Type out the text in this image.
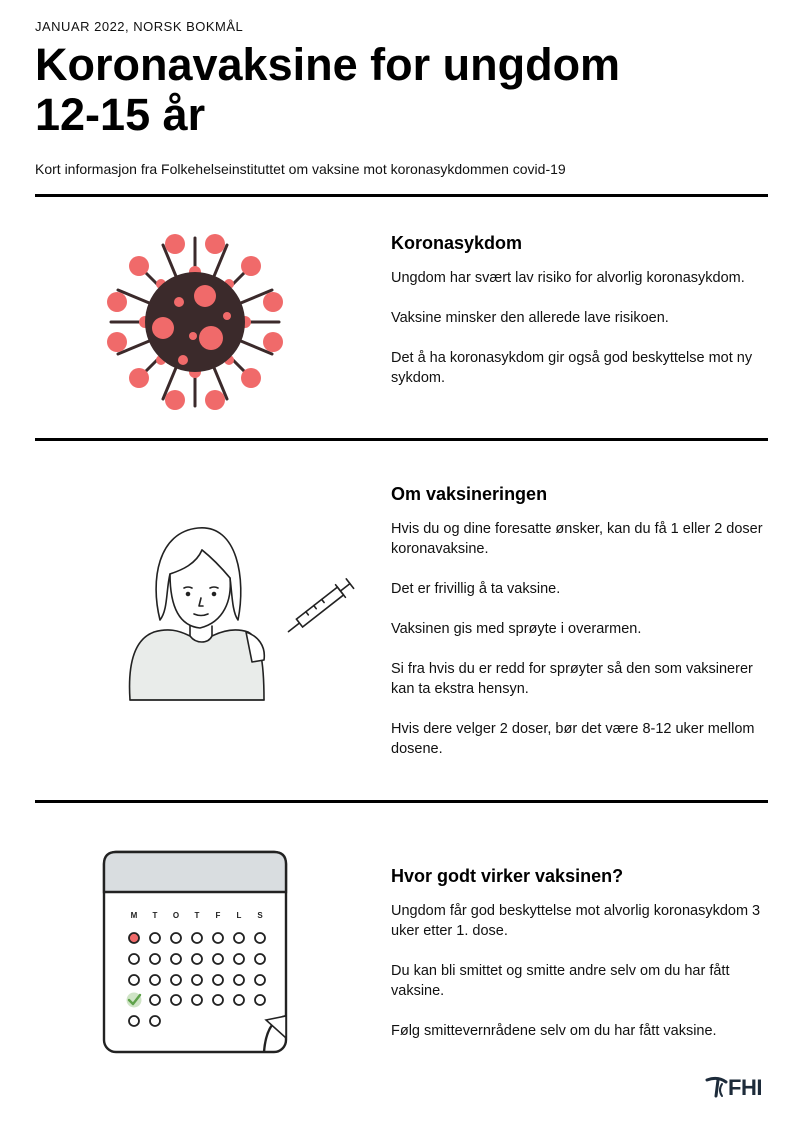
JANUAR 2022, NORSK BOKMÅL
Koronavaksine for ungdom
12-15 år
Kort informasjon fra Folkehelseinstituttet om vaksine mot koronasykdommen covid-19
Koronasykdom

Ungdom har svært lav risiko for alvorlig koronasykdom.

Vaksine minsker den allerede lave risikoen.

Det å ha koronasykdom gir også god beskyttelse mot ny sykdom.

Om vaksineringen

Hvis du og dine foresatte ønsker, kan du få 1 eller 2 doser koronavaksine.

Det er frivillig å ta vaksine.

Vaksinen gis med sprøyte i overarmen.

Si fra hvis du er redd for sprøyter så den som vaksinerer kan ta ekstra hensyn.

Hvis dere velger 2 doser, bør det være 8-12 uker mellom dosene.

M T O T F L S
Hvor godt virker vaksinen?

Ungdom får god beskyttelse mot alvorlig koronasykdom 3 uker etter 1. dose.

Du kan bli smittet og smitte andre selv om du har fått vaksine.

Følg smittevernrådene selv om du har fått vaksine.

FHI
